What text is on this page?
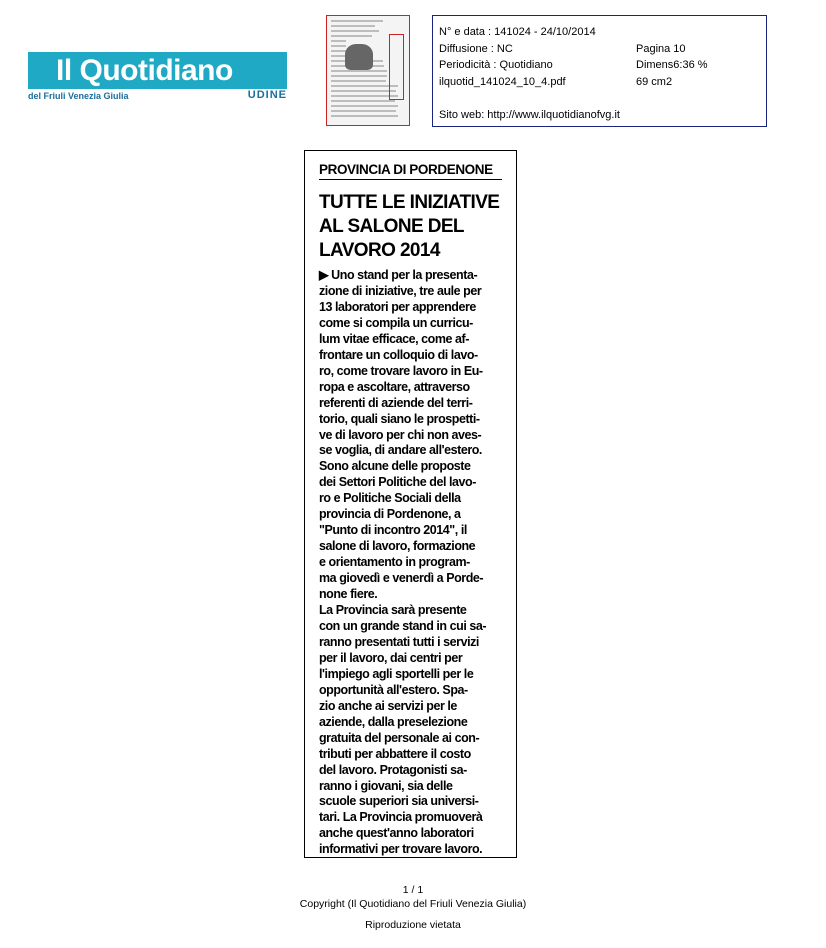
Il Quotidiano
del Friuli Venezia Giulia	UDINE
N° e data : 141024 - 24/10/2014
Diffusione : NC
Periodicità : Quotidiano
ilquotid_141024_10_4.pdf
Pagina 10
Dimens6:36 %
69 cm2
Sito web: http://www.ilquotidianofvg.it
PROVINCIA DI PORDENONE
TUTTE LE INIZIATIVE
AL SALONE DEL
LAVORO 2014
▶ Uno stand per la presenta-
zione di iniziative, tre aule per
13 laboratori per apprendere
come si compila un curricu-
lum vitae efficace, come af-
frontare un colloquio di lavo-
ro, come trovare lavoro in Eu-
ropa e ascoltare, attraverso
referenti di aziende del terri-
torio, quali siano le prospetti-
ve di lavoro per chi non aves-
se voglia, di andare all'estero.
Sono alcune delle proposte
dei Settori Politiche del lavo-
ro e Politiche Sociali della
provincia di Pordenone, a
"Punto di incontro 2014", il
salone di lavoro, formazione
e orientamento in program-
ma giovedì e venerdì a Porde-
none fiere.
La Provincia sarà presente
con un grande stand in cui sa-
ranno presentati tutti i servizi
per il lavoro, dai centri per
l'impiego agli sportelli per le
opportunità all'estero. Spa-
zio anche ai servizi per le
aziende, dalla preselezione
gratuita del personale ai con-
tributi per abbattere il costo
del lavoro. Protagonisti sa-
ranno i giovani, sia delle
scuole superiori sia universi-
tari. La Provincia promuoverà
anche quest'anno laboratori
informativi per trovare lavoro.
1 / 1
Copyright (Il Quotidiano del Friuli Venezia Giulia)
Riproduzione vietata
